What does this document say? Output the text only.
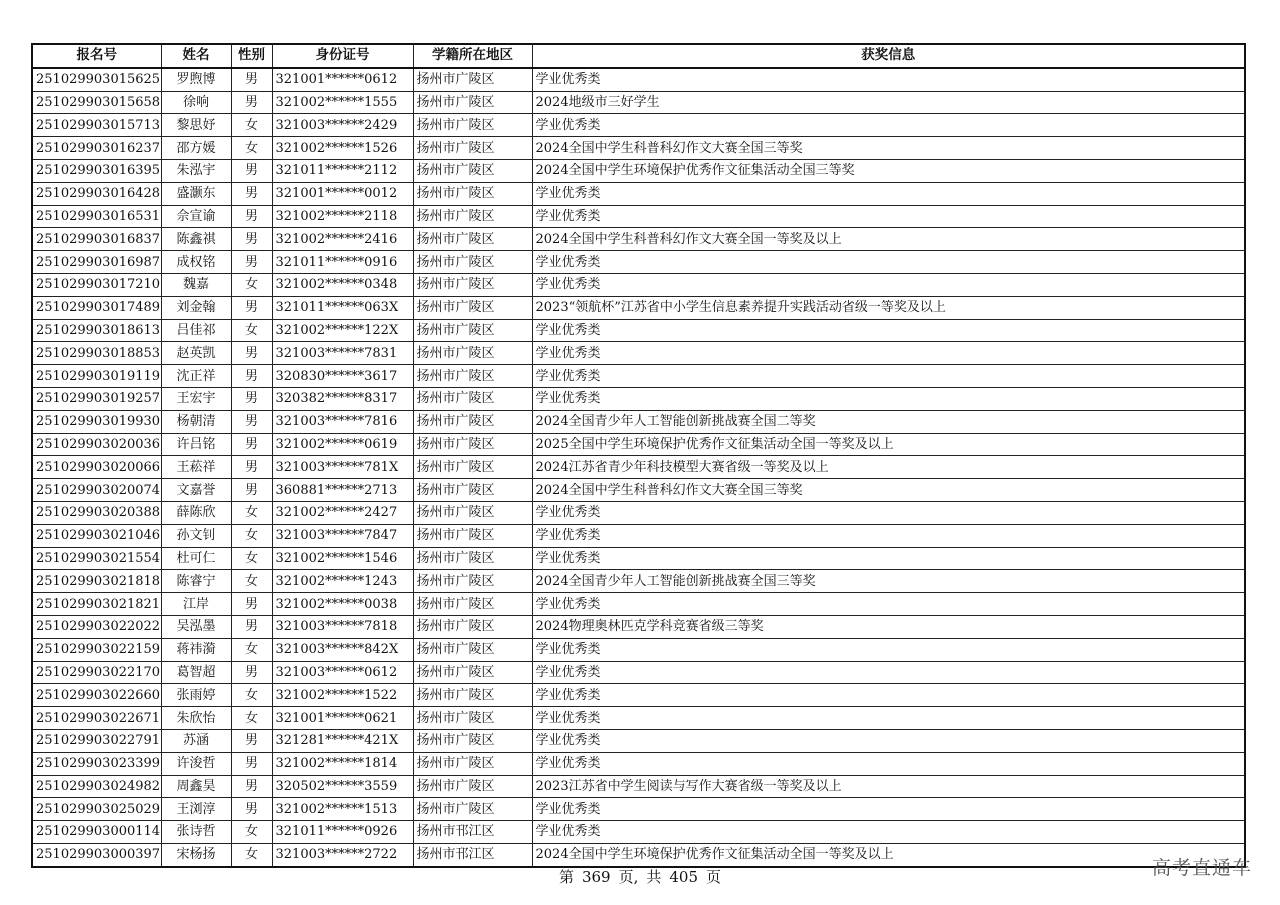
报名号	姓名	性别	身份证号	学籍所在地区	获奖信息
251029903015625	罗煦博	男	321001******0612	扬州市广陵区	学业优秀类
251029903015658	徐响	男	321002******1555	扬州市广陵区	2024地级市三好学生
251029903015713	黎思妤	女	321003******2429	扬州市广陵区	学业优秀类
251029903016237	邵方媛	女	321002******1526	扬州市广陵区	2024全国中学生科普科幻作文大赛全国三等奖
251029903016395	朱泓宇	男	321011******2112	扬州市广陵区	2024全国中学生环境保护优秀作文征集活动全国三等奖
251029903016428	盛灏东	男	321001******0012	扬州市广陵区	学业优秀类
251029903016531	佘宣谕	男	321002******2118	扬州市广陵区	学业优秀类
251029903016837	陈鑫祺	男	321002******2416	扬州市广陵区	2024全国中学生科普科幻作文大赛全国一等奖及以上
251029903016987	成权铭	男	321011******0916	扬州市广陵区	学业优秀类
251029903017210	魏嘉	女	321002******0348	扬州市广陵区	学业优秀类
251029903017489	刘金翰	男	321011******063X	扬州市广陵区	2023“领航杯”江苏省中小学生信息素养提升实践活动省级一等奖及以上
251029903018613	吕佳祁	女	321002******122X	扬州市广陵区	学业优秀类
251029903018853	赵英凯	男	321003******7831	扬州市广陵区	学业优秀类
251029903019119	沈正祥	男	320830******3617	扬州市广陵区	学业优秀类
251029903019257	王宏宇	男	320382******8317	扬州市广陵区	学业优秀类
251029903019930	杨朝清	男	321003******7816	扬州市广陵区	2024全国青少年人工智能创新挑战赛全国二等奖
251029903020036	许吕铭	男	321002******0619	扬州市广陵区	2025全国中学生环境保护优秀作文征集活动全国一等奖及以上
251029903020066	王菘祥	男	321003******781X	扬州市广陵区	2024江苏省青少年科技模型大赛省级一等奖及以上
251029903020074	文嘉誉	男	360881******2713	扬州市广陵区	2024全国中学生科普科幻作文大赛全国三等奖
251029903020388	薛陈欣	女	321002******2427	扬州市广陵区	学业优秀类
251029903021046	孙文钊	女	321003******7847	扬州市广陵区	学业优秀类
251029903021554	杜可仁	女	321002******1546	扬州市广陵区	学业优秀类
251029903021818	陈睿宁	女	321002******1243	扬州市广陵区	2024全国青少年人工智能创新挑战赛全国三等奖
251029903021821	江岸	男	321002******0038	扬州市广陵区	学业优秀类
251029903022022	吴泓墨	男	321003******7818	扬州市广陵区	2024物理奥林匹克学科竞赛省级三等奖
251029903022159	蒋祎漪	女	321003******842X	扬州市广陵区	学业优秀类
251029903022170	葛智超	男	321003******0612	扬州市广陵区	学业优秀类
251029903022660	张雨婷	女	321002******1522	扬州市广陵区	学业优秀类
251029903022671	朱欣怡	女	321001******0621	扬州市广陵区	学业优秀类
251029903022791	苏涵	男	321281******421X	扬州市广陵区	学业优秀类
251029903023399	许浚哲	男	321002******1814	扬州市广陵区	学业优秀类
251029903024982	周鑫昊	男	320502******3559	扬州市广陵区	2023江苏省中学生阅读与写作大赛省级一等奖及以上
251029903025029	王浏淳	男	321002******1513	扬州市广陵区	学业优秀类
251029903000114	张诗哲	女	321011******0926	扬州市邗江区	学业优秀类
251029903000397	宋杨扬	女	321003******2722	扬州市邗江区	2024全国中学生环境保护优秀作文征集活动全国一等奖及以上
第 369 页, 共 405 页	高考直通车
